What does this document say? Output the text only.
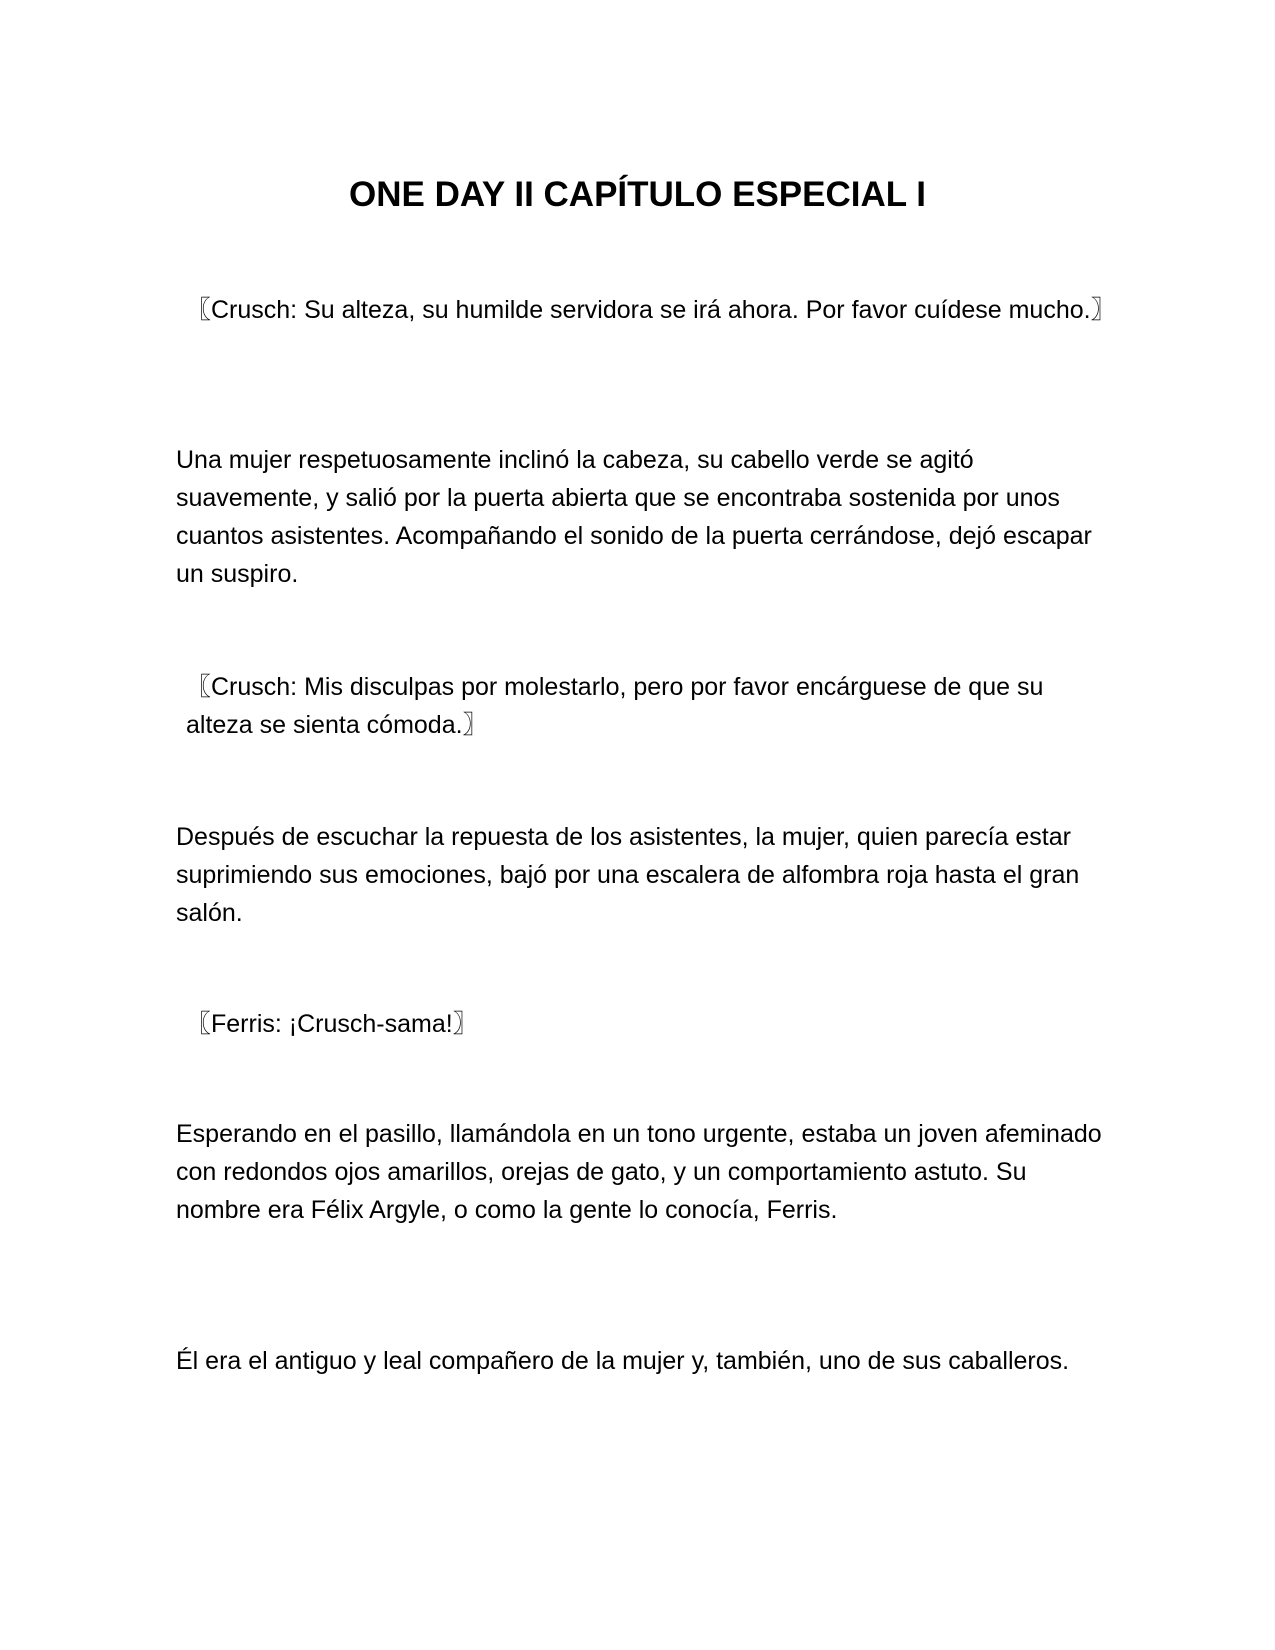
ONE DAY II CAPÍTULO ESPECIAL I

〖Crusch: Su alteza, su humilde servidora se irá ahora. Por favor cuídese mucho.〗

Una mujer respetuosamente inclinó la cabeza, su cabello verde se agitó suavemente, y salió por la puerta abierta que se encontraba sostenida por unos cuantos asistentes. Acompañando el sonido de la puerta cerrándose, dejó escapar un suspiro.

〖Crusch: Mis disculpas por molestarlo, pero por favor encárguese de que su alteza se sienta cómoda.〗

Después de escuchar la repuesta de los asistentes, la mujer, quien parecía estar suprimiendo sus emociones, bajó por una escalera de alfombra roja hasta el gran salón.

〖Ferris: ¡Crusch-sama!〗

Esperando en el pasillo, llamándola en un tono urgente, estaba un joven afeminado con redondos ojos amarillos, orejas de gato, y un comportamiento astuto. Su nombre era Félix Argyle, o como la gente lo conocía, Ferris.

Él era el antiguo y leal compañero de la mujer y, también, uno de sus caballeros.
